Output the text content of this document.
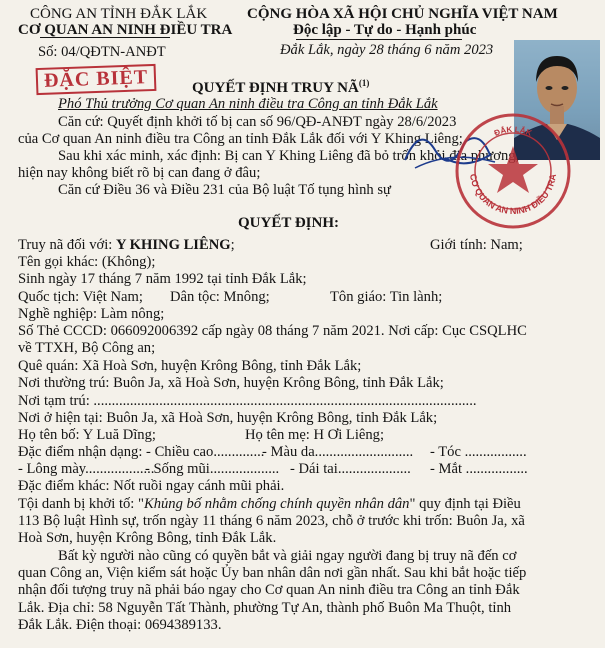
CÔNG AN TỈNH ĐẮK LẮK
CƠ QUAN AN NINH ĐIỀU TRA
Số: 04/QĐTN-ANĐT
CỘNG HÒA XÃ HỘI CHỦ NGHĨA VIỆT NAM
Độc lập - Tự do - Hạnh phúc
Đắk Lắk, ngày 28 tháng 6 năm 2023
ĐẶC BIỆT	QUYẾT ĐỊNH TRUY NÃ$^{(1)}$
Phó Thủ trưởng Cơ quan An ninh điều tra Công an tỉnh Đắk Lắk
Căn cứ: Quyết định khởi tố bị can số 96/QĐ-ANĐT ngày 28/6/2023
của Cơ quan An ninh điều tra Công an tỉnh Đắk Lắk đối với Y Khing Liêng;
Sau khi xác minh, xác định: Bị can Y Khing Liêng đã bỏ trốn khỏi địa phương,
hiện nay không biết rõ bị can đang ở đâu;
Căn cứ Điều 36 và Điều 231 của Bộ luật Tố tụng hình sự
CƠ QUAN AN NINH ĐIỀU TRA
ĐẮK LẮK
QUYẾT ĐỊNH:
Truy nã đối với: Y KHING LIÊNG;	Giới tính: Nam;
Tên gọi khác: (Không);
Sinh ngày 17 tháng 7 năm 1992 tại tỉnh Đắk Lắk;
Quốc tịch: Việt Nam; Dân tộc: Mnông;	Tôn giáo: Tin lành;
Nghề nghiệp: Làm nông;
Số Thẻ CCCD: 066092006392 cấp ngày 08 tháng 7 năm 2021. Nơi cấp: Cục CSQLHC
về TTXH, Bộ Công an;
Quê quán: Xã Hoà Sơn, huyện Krông Bông, tỉnh Đắk Lắk;
Nơi thường trú: Buôn Ja, xã Hoà Sơn, huyện Krông Bông, tỉnh Đắk Lắk;
Nơi tạm trú: .........................................................................................................
Nơi ở hiện tại: Buôn Ja, xã Hoà Sơn, huyện Krông Bông, tỉnh Đắk Lắk;
Họ tên bố: Y Luă Dĩng;	Họ tên mẹ: H Ơi Liêng;
Đặc điểm nhận dạng: - Chiều cao..............
- Màu da........................... - Tóc .................
- Lông mày...................
- Sống mũi................... - Dái tai.................... - Mắt .................
Đặc điểm khác: Nốt ruồi ngay cánh mũi phải.
Tội danh bị khởi tố: "Khủng bố nhằm chống chính quyền nhân dân" quy định tại Điều
113 Bộ luật Hình sự, trốn ngày 11 tháng 6 năm 2023, chỗ ở trước khi trốn: Buôn Ja, xã
Hoà Sơn, huyện Krông Bông, tỉnh Đắk Lắk.
Bất kỳ người nào cũng có quyền bắt và giải ngay người đang bị truy nã đến cơ
quan Công an, Viện kiểm sát hoặc Ủy ban nhân dân nơi gần nhất. Sau khi bắt hoặc tiếp
nhận đối tượng truy nã phải báo ngay cho Cơ quan An ninh điều tra Công an tỉnh Đắk
Lắk. Địa chỉ: 58 Nguyễn Tất Thành, phường Tự An, thành phố Buôn Ma Thuột, tỉnh
Đắk Lắk. Điện thoại: 0694389133.
